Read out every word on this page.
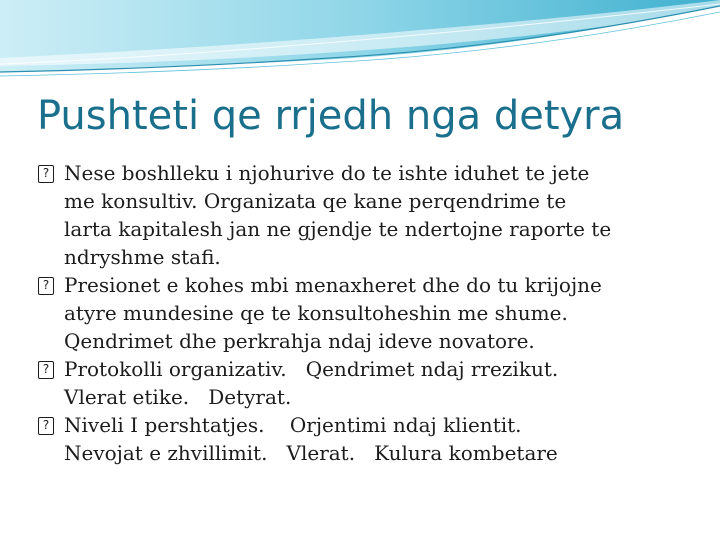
Pushteti qe rrjedh nga detyra
? Nese boshlleku i njohurive do te ishte iduhet te jete
me konsultiv. Organizata qe kane perqendrime te
larta kapitalesh jan ne gjendje te ndertojne raporte te
ndryshme stafi.
? Presionet e kohes mbi menaxheret dhe do tu krijojne
atyre mundesine qe te konsultoheshin me shume.
Qendrimet dhe perkrahja ndaj ideve novatore.
? Protokolli organizativ.   Qendrimet ndaj rrezikut.
Vlerat etike.   Detyrat.
? Niveli I pershtatjes.    Orjentimi ndaj klientit.
Nevojat e zhvillimit.   Vlerat.   Kulura kombetare
